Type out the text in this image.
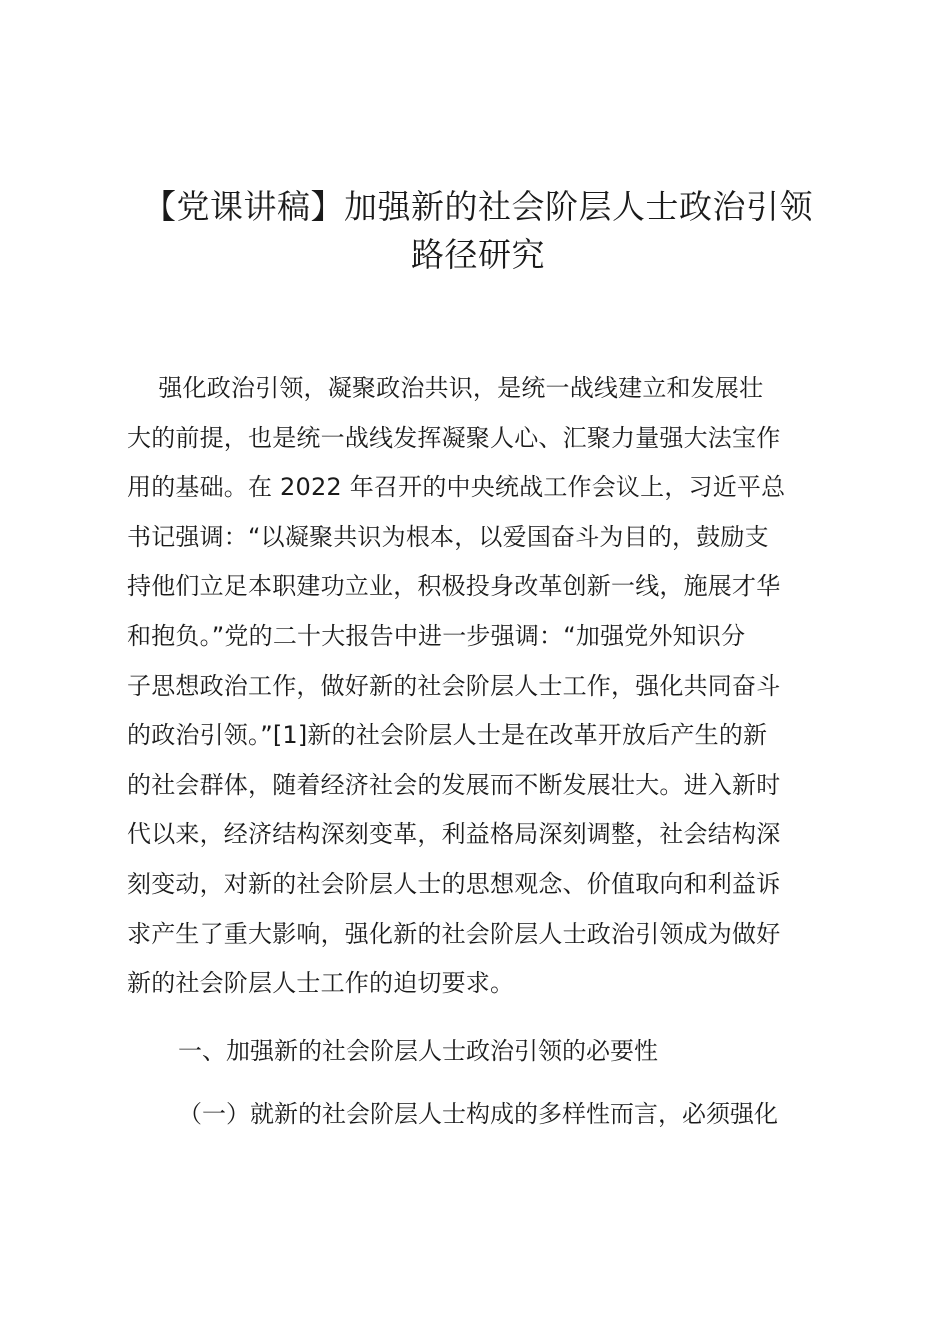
【党课讲稿】加强新的社会阶层人士政治引领
路径研究
强化政治引领，凝聚政治共识，是统一战线建立和发展壮
大的前提，也是统一战线发挥凝聚人心、汇聚力量强大法宝作
用的基础。在 2022 年召开的中央统战工作会议上，习近平总
书记强调：“以凝聚共识为根本，以爱国奋斗为目的，鼓励支
持他们立足本职建功立业，积极投身改革创新一线，施展才华
和抱负。”党的二十大报告中进一步强调：“加强党外知识分
子思想政治工作，做好新的社会阶层人士工作，强化共同奋斗
的政治引领。”[1]新的社会阶层人士是在改革开放后产生的新
的社会群体，随着经济社会的发展而不断发展壮大。进入新时
代以来，经济结构深刻变革，利益格局深刻调整，社会结构深
刻变动，对新的社会阶层人士的思想观念、价值取向和利益诉
求产生了重大影响，强化新的社会阶层人士政治引领成为做好
新的社会阶层人士工作的迫切要求。
一、加强新的社会阶层人士政治引领的必要性

（一）就新的社会阶层人士构成的多样性而言，必须强化
